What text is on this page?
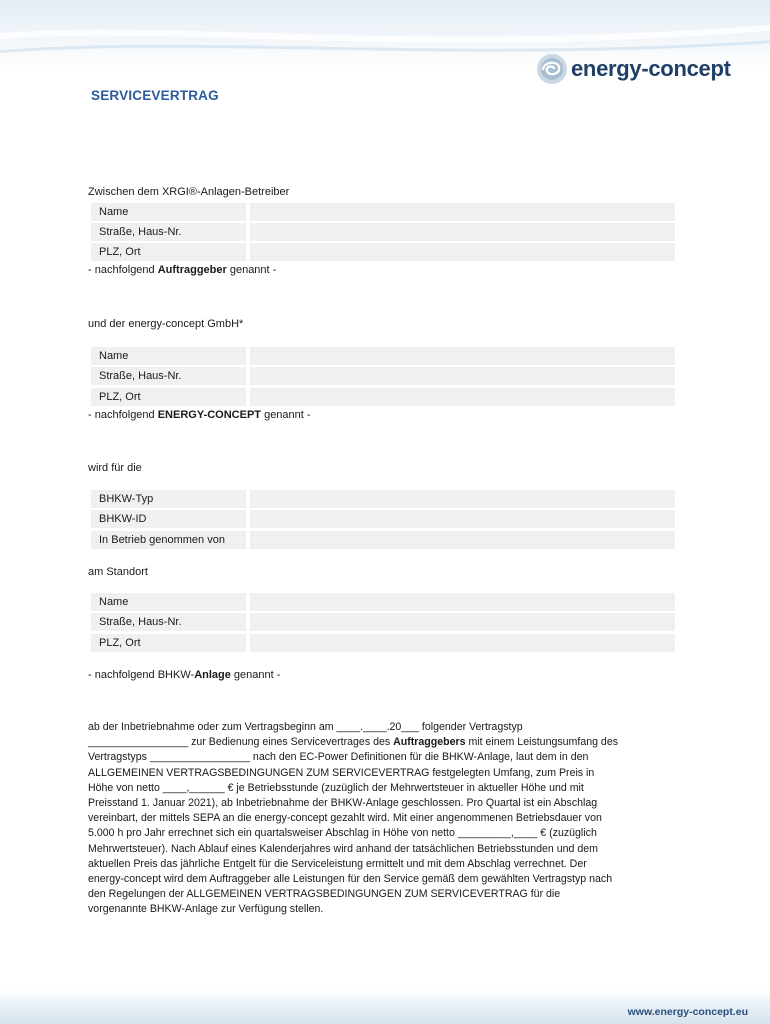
energy-concept
SERVICEVERTRAG
Zwischen dem XRGI®-Anlagen-Betreiber
Name
Straße, Haus-Nr.
PLZ, Ort
- nachfolgend Auftraggeber genannt -
und der energy-concept GmbH*
Name
Straße, Haus-Nr.
PLZ, Ort
- nachfolgend ENERGY-CONCEPT genannt -
wird für die
BHKW-Typ
BHKW-ID
In Betrieb genommen von
am Standort
Name
Straße, Haus-Nr.
PLZ, Ort
- nachfolgend BHKW-Anlage genannt -
ab der Inbetriebnahme oder zum Vertragsbeginn am ____.____.20___ folgender Vertragstyp
_________________ zur Bedienung eines Servicevertrages des Auftraggebers mit einem Leistungsumfang des
Vertragstyps _________________ nach den EC-Power Definitionen für die BHKW-Anlage, laut dem in den
ALLGEMEINEN VERTRAGSBEDINGUNGEN ZUM SERVICEVERTRAG festgelegten Umfang, zum Preis in
Höhe von netto ____,______ € je Betriebsstunde (zuzüglich der Mehrwertsteuer in aktueller Höhe und mit
Preisstand 1. Januar 2021), ab Inbetriebnahme der BHKW-Anlage geschlossen. Pro Quartal ist ein Abschlag
vereinbart, der mittels SEPA an die energy-concept gezahlt wird. Mit einer angenommenen Betriebsdauer von
5.000 h pro Jahr errechnet sich ein quartalsweiser Abschlag in Höhe von netto _________,____ € (zuzüglich
Mehrwertsteuer). Nach Ablauf eines Kalenderjahres wird anhand der tatsächlichen Betriebsstunden und dem
aktuellen Preis das jährliche Entgelt für die Serviceleistung ermittelt und mit dem Abschlag verrechnet. Der
energy-concept wird dem Auftraggeber alle Leistungen für den Service gemäß dem gewählten Vertragstyp nach
den Regelungen der ALLGEMEINEN VERTRAGSBEDINGUNGEN ZUM SERVICEVERTRAG für die
vorgenannte BHKW-Anlage zur Verfügung stellen.
www.energy-concept.eu
